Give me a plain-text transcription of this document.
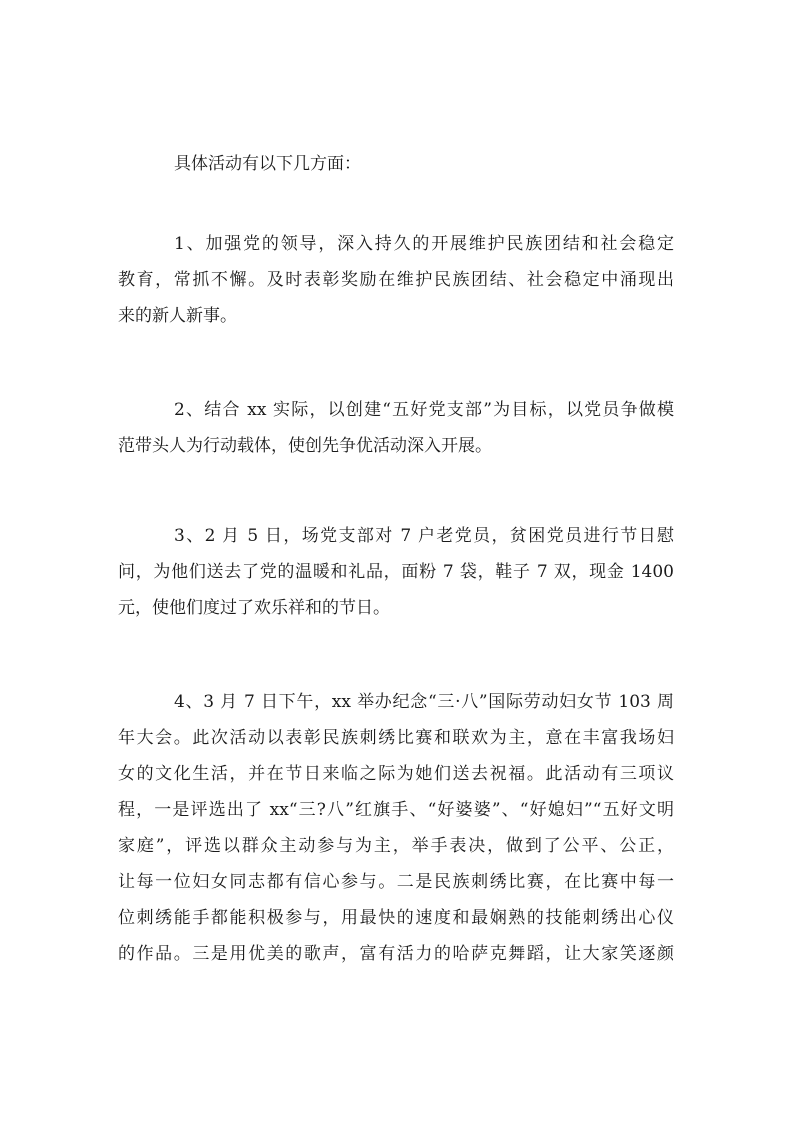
具体活动有以下几方面：

1、加强党的领导，深入持久的开展维护民族团结和社会稳定
教育，常抓不懈。及时表彰奖励在维护民族团结、社会稳定中涌现出
来的新人新事。

2、结合 xx 实际，以创建“五好党支部”为目标，以党员争做模
范带头人为行动载体，使创先争优活动深入开展。

3、2 月 5 日，场党支部对 7 户老党员，贫困党员进行节日慰
问，为他们送去了党的温暖和礼品，面粉 7 袋，鞋子 7 双，现金 1400
元，使他们度过了欢乐祥和的节日。

4、3 月 7 日下午，xx 举办纪念“三·八”国际劳动妇女节 103 周
年大会。此次活动以表彰民族刺绣比赛和联欢为主，意在丰富我场妇
女的文化生活，并在节日来临之际为她们送去祝福。此活动有三项议
程，一是评选出了 xx“三?八”红旗手、“好婆婆”、“好媳妇”“五好文明
家庭”，评选以群众主动参与为主，举手表决，做到了公平、公正，
让每一位妇女同志都有信心参与。二是民族刺绣比赛，在比赛中每一
位刺绣能手都能积极参与，用最快的速度和最娴熟的技能刺绣出心仪
的作品。三是用优美的歌声，富有活力的哈萨克舞蹈，让大家笑逐颜
